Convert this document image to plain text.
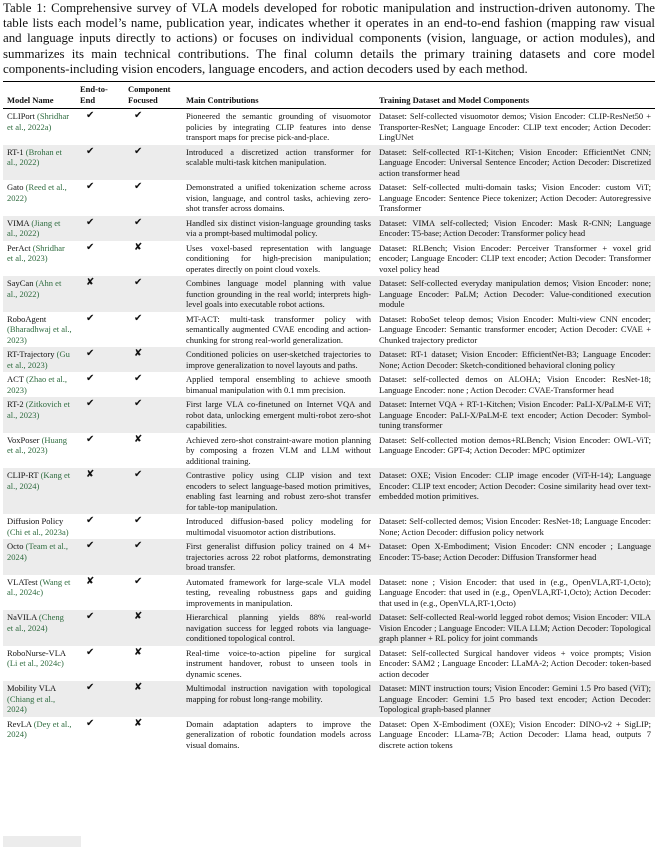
Table 1: Comprehensive survey of VLA models developed for robotic manipulation and instruction-driven autonomy. The table lists each model’s name, publication year, indicates whether it operates in an end-to-end fashion (mapping raw visual and language inputs directly to actions) or focuses on individual components (vision, language, or action modules), and summarizes its main technical contributions. The final column details the primary training datasets and core model components-including vision encoders, language encoders, and action decoders used by each method.
Model Name	End-to-End	Component Focused	Main Contributions	Training Dataset and Model Components
CLIPort (Shridhar et al., 2022a)	✔	✔	Pioneered the semantic grounding of visuomotor policies by integrating CLIP features into dense transport maps for precise pick-and-place.	Dataset: Self-collected visuomotor demos; Vision Encoder: CLIP-ResNet50 + Transporter-ResNet; Language Encoder: CLIP text encoder; Action Decoder: LingUNet
RT-1 (Brohan et al., 2022)	✔	✔	Introduced a discretized action transformer for scalable multi-task kitchen manipulation.	Dataset: Self-collected RT-1-Kitchen; Vision Encoder: EfficientNet CNN; Language Encoder: Universal Sentence Encoder; Action Decoder: Discretized action transformer head
Gato (Reed et al., 2022)	✔	✔	Demonstrated a unified tokenization scheme across vision, language, and control tasks, achieving zero-shot transfer across domains.	Dataset: Self-collected multi-domain tasks; Vision Encoder: custom ViT; Language Encoder: Sentence Piece tokenizer; Action Decoder: Autoregressive Transformer
VIMA (Jiang et al., 2022)	✔	✔	Handled six distinct vision-language grounding tasks via a prompt-based multimodal policy.	Dataset: VIMA self-collected; Vision Encoder: Mask R-CNN; Language Encoder: T5-base; Action Decoder: Transformer policy head
PerAct (Shridhar et al., 2023)	✔	✘	Uses voxel-based representation with language conditioning for high-precision manipulation; operates directly on point cloud voxels.	Dataset: RLBench; Vision Encoder: Perceiver Transformer + voxel grid encoder; Language Encoder: CLIP text encoder; Action Decoder: Transformer voxel policy head
SayCan (Ahn et al., 2022)	✘	✔	Combines language model planning with value function grounding in the real world; interprets high-level goals into executable robot actions.	Dataset: Self-collected everyday manipulation demos; Vision Encoder: none; Language Encoder: PaLM; Action Decoder: Value-conditioned execution module
RoboAgent (Bharadhwaj et al., 2023)	✔	✔	MT-ACT: multi-task transformer policy with semantically augmented CVAE encoding and action-chunking for strong real-world generalization.	Dataset: RoboSet teleop demos; Vision Encoder: Multi-view CNN encoder; Language Encoder: Semantic transformer encoder; Action Decoder: CVAE + Chunked trajectory predictor
RT-Trajectory (Gu et al., 2023)	✔	✘	Conditioned policies on user-sketched trajectories to improve generalization to novel layouts and paths.	Dataset: RT-1 dataset; Vision Encoder: EfficientNet-B3; Language Encoder: None; Action Decoder: Sketch-conditioned behavioral cloning policy
ACT (Zhao et al., 2023)	✔	✔	Applied temporal ensembling to achieve smooth bimanual manipulation with 0.1 mm precision.	Dataset: self-collected demos on ALOHA; Vision Encoder: ResNet-18; Language Encoder: none ; Action Decoder: CVAE-Transformer head
RT-2 (Zitkovich et al., 2023)	✔	✔	First large VLA co-finetuned on Internet VQA and robot data, unlocking emergent multi-robot zero-shot capabilities.	Dataset: Internet VQA + RT-1-Kitchen; Vision Encoder: PaLI-X/PaLM-E ViT; Language Encoder: PaLI-X/PaLM-E text encoder; Action Decoder: Symbol-tuning transformer
VoxPoser (Huang et al., 2023)	✔	✘	Achieved zero-shot constraint-aware motion planning by composing a frozen VLM and LLM without additional training.	Dataset: Self-collected motion demos+RLBench; Vision Encoder: OWL-ViT; Language Encoder: GPT-4; Action Decoder: MPC optimizer
CLIP-RT (Kang et al., 2024)	✘	✔	Contrastive policy using CLIP vision and text encoders to select language-based motion primitives, enabling fast learning and robust zero-shot transfer for table-top manipulation.	Dataset: OXE; Vision Encoder: CLIP image encoder (ViT-H-14); Language Encoder: CLIP text encoder; Action Decoder: Cosine similarity head over text-embedded motion primitives.
Diffusion Policy (Chi et al., 2023a)	✔	✔	Introduced diffusion-based policy modeling for multimodal visuomotor action distributions.	Dataset: Self-collected demos; Vision Encoder: ResNet-18; Language Encoder: None; Action Decoder: diffusion policy network
Octo (Team et al., 2024)	✔	✔	First generalist diffusion policy trained on 4 M+ trajectories across 22 robot platforms, demonstrating broad transfer.	Dataset: Open X-Embodiment; Vision Encoder: CNN encoder ; Language Encoder: T5-base; Action Decoder: Diffusion Transformer head
VLATest (Wang et al., 2024c)	✘	✔	Automated framework for large-scale VLA model testing, revealing robustness gaps and guiding improvements in manipulation.	Dataset: none ; Vision Encoder: that used in (e.g., OpenVLA,RT-1,Octo); Language Encoder: that used in (e.g., OpenVLA,RT-1,Octo); Action Decoder: that used in (e.g., OpenVLA,RT-1,Octo)
NaVILA (Cheng et al., 2024)	✔	✘	Hierarchical planning yields 88% real-world navigation success for legged robots via language-conditioned topological control.	Dataset: Self-collected Real-world legged robot demos; Vision Encoder: VILA Vision Encoder ; Language Encoder: VILA LLM; Action Decoder: Topological graph planner + RL policy for joint commands
RoboNurse-VLA (Li et al., 2024c)	✔	✘	Real-time voice-to-action pipeline for surgical instrument handover, robust to unseen tools in dynamic scenes.	Dataset: Self-collected Surgical handover videos + voice prompts; Vision Encoder: SAM2 ; Language Encoder: LLaMA-2; Action Decoder: token-based action decoder
Mobility VLA (Chiang et al., 2024)	✔	✘	Multimodal instruction navigation with topological mapping for robust long-range mobility.	Dataset: MINT instruction tours; Vision Encoder: Gemini 1.5 Pro based (ViT); Language Encoder: Gemini 1.5 Pro based text encoder; Action Decoder: Topological graph-based planner
RevLA (Dey et al., 2024)	✔	✘	Domain adaptation adapters to improve the generalization of robotic foundation models across visual domains.	Dataset: Open X-Embodiment (OXE); Vision Encoder: DINO-v2 + SigLIP; Language Encoder: LLama-7B; Action Decoder: Llama head, outputs 7 discrete action tokens
